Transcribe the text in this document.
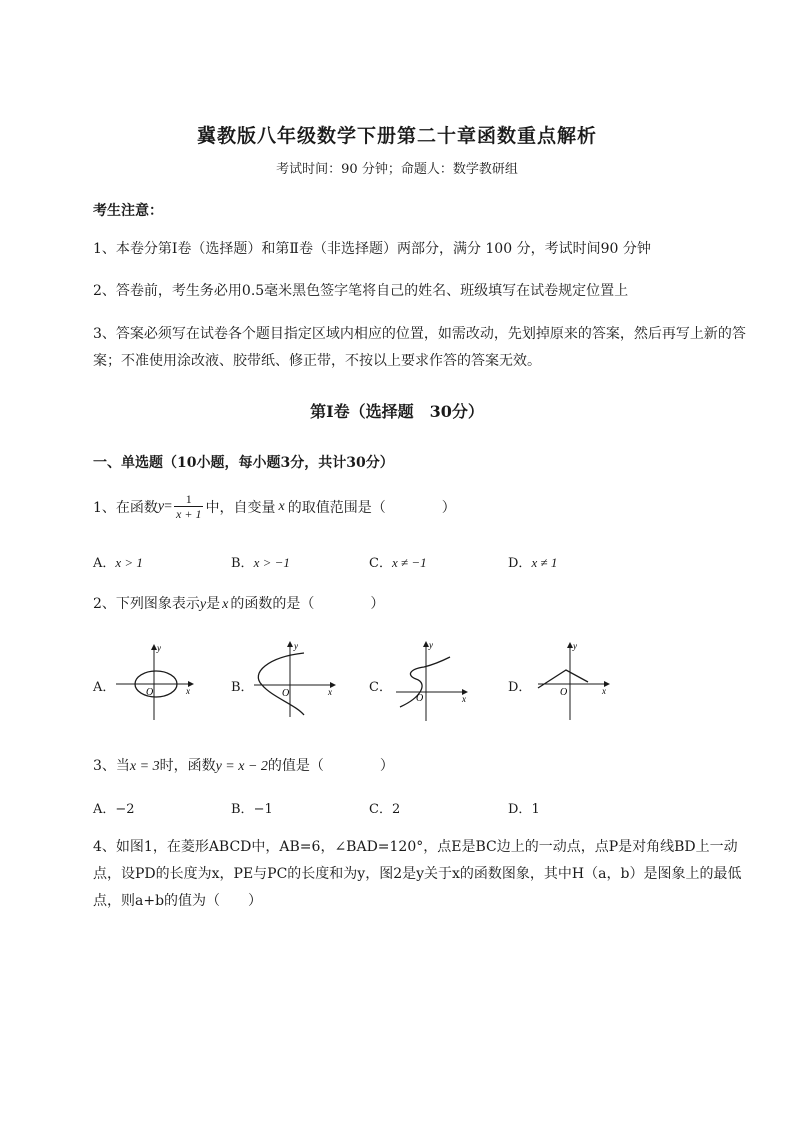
冀教版八年级数学下册第二十章函数重点解析
考试时间：90 分钟；命题人：数学教研组
考生注意：
1、本卷分第Ⅰ卷（选择题）和第Ⅱ卷（非选择题）两部分，满分 100 分，考试时间90 分钟
2、答卷前，考生务必用0.5毫米黑色签字笔将自己的姓名、班级填写在试卷规定位置上
3、答案必须写在试卷各个题目指定区域内相应的位置，如需改动，先划掉原来的答案，然后再写上新的答案；不准使用涂改液、胶带纸、修正带，不按以上要求作答的答案无效。
第Ⅰ卷（选择题　30分）
一、单选题（10小题，每小题3分，共计30分）
1、在函数 $y = \frac{1}{x + 1}$ 中，自变量 x 的取值范围是（　　　　）
A．x > 1	B．x > −1	C．x ≠ −1	D．x ≠ 1
2、下列图象表示y是 x 的函数的是（　　　　）
A．	B．	C．	D．
y
x
O
y
x
O
y
x
O
y
x
O
3、当x = 3时，函数y = x − 2的值是（　　　　）
A．−2	B．−1	C．2	D．1
4、如图1，在菱形ABCD中，AB=6，∠BAD=120°，点E是BC边上的一动点，点P是对角线BD上一动点，设PD的长度为x，PE与PC的长度和为y，图2是y关于x的函数图象，其中H（a，b）是图象上的最低点，则a+b的值为（　　）
